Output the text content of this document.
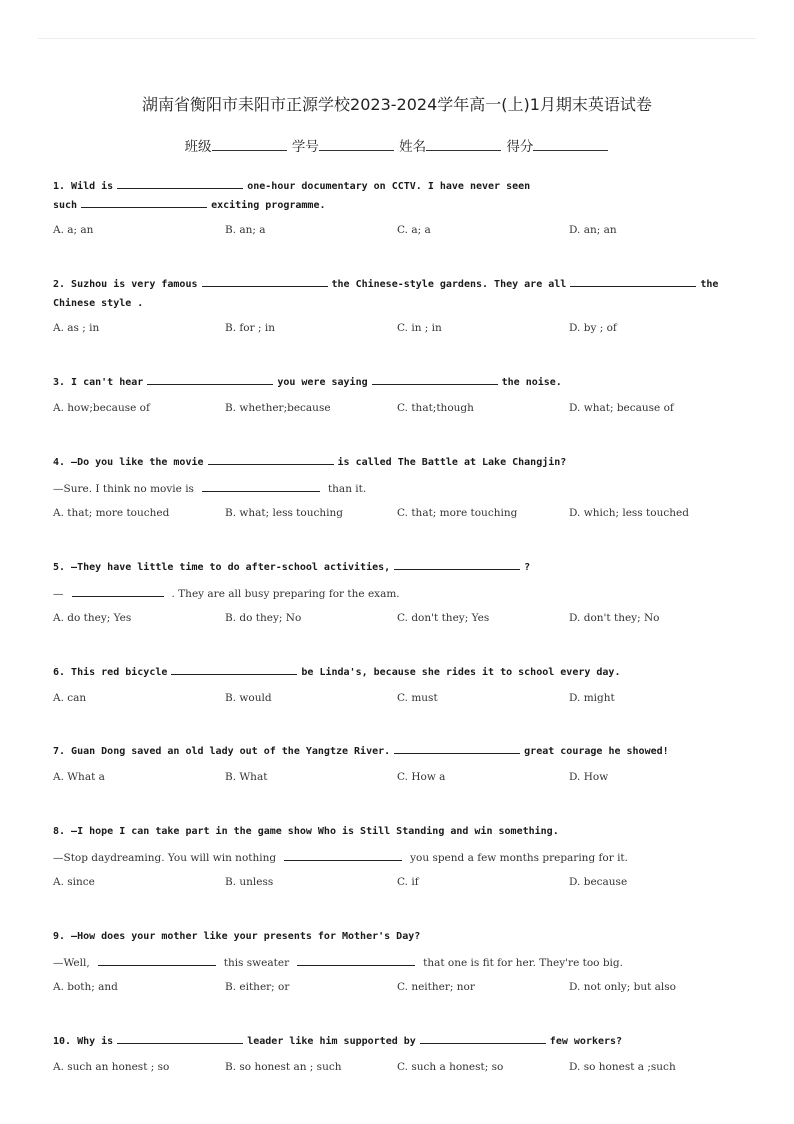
湖南省衡阳市耒阳市正源学校2023-2024学年高一(上)1月期末英语试卷
班级	学号	姓名	得分
1. Wild is	one-hour documentary on CCTV. I have never seen such	exciting programme.
A. a; an	B. an; a	C. a; a	D. an; an
2. Suzhou is very famous	the Chinese-style gardens. They are all	the Chinese style .
A. as ; in	B. for ; in	C. in ; in	D. by ; of
3. I can't hear	you were saying	the noise.
A. how;because of	B. whether;because	C. that;though	D. what; because of
4. —Do you like the movie	is called The Battle at Lake Changjin?
—Sure. I think no movie is	than it.
A. that; more touched	B. what; less touching	C. that; more touching	D. which; less touched
5. —They have little time to do after-school activities,	?
—	. They are all busy preparing for the exam.
A. do they; Yes	B. do they; No	C. don't they; Yes	D. don't they; No
6. This red bicycle	be Linda's, because she rides it to school every day.
A. can	B. would	C. must	D. might
7. Guan Dong saved an old lady out of the Yangtze River.	great courage he showed!
A. What a	B. What	C. How a	D. How
8. —I hope I can take part in the game show Who is Still Standing and win something.
—Stop daydreaming. You will win nothing	you spend a few months preparing for it.
A. since	B. unless	C. if	D. because
9. —How does your mother like your presents for Mother's Day?
—Well,	this sweater	that one is fit for her. They're too big.
A. both; and	B. either; or	C. neither; nor	D. not only; but also
10. Why is	leader like him supported by	few workers?
A. such an honest ; so	B. so honest an ; such	C. such a honest; so	D. so honest a ;such
